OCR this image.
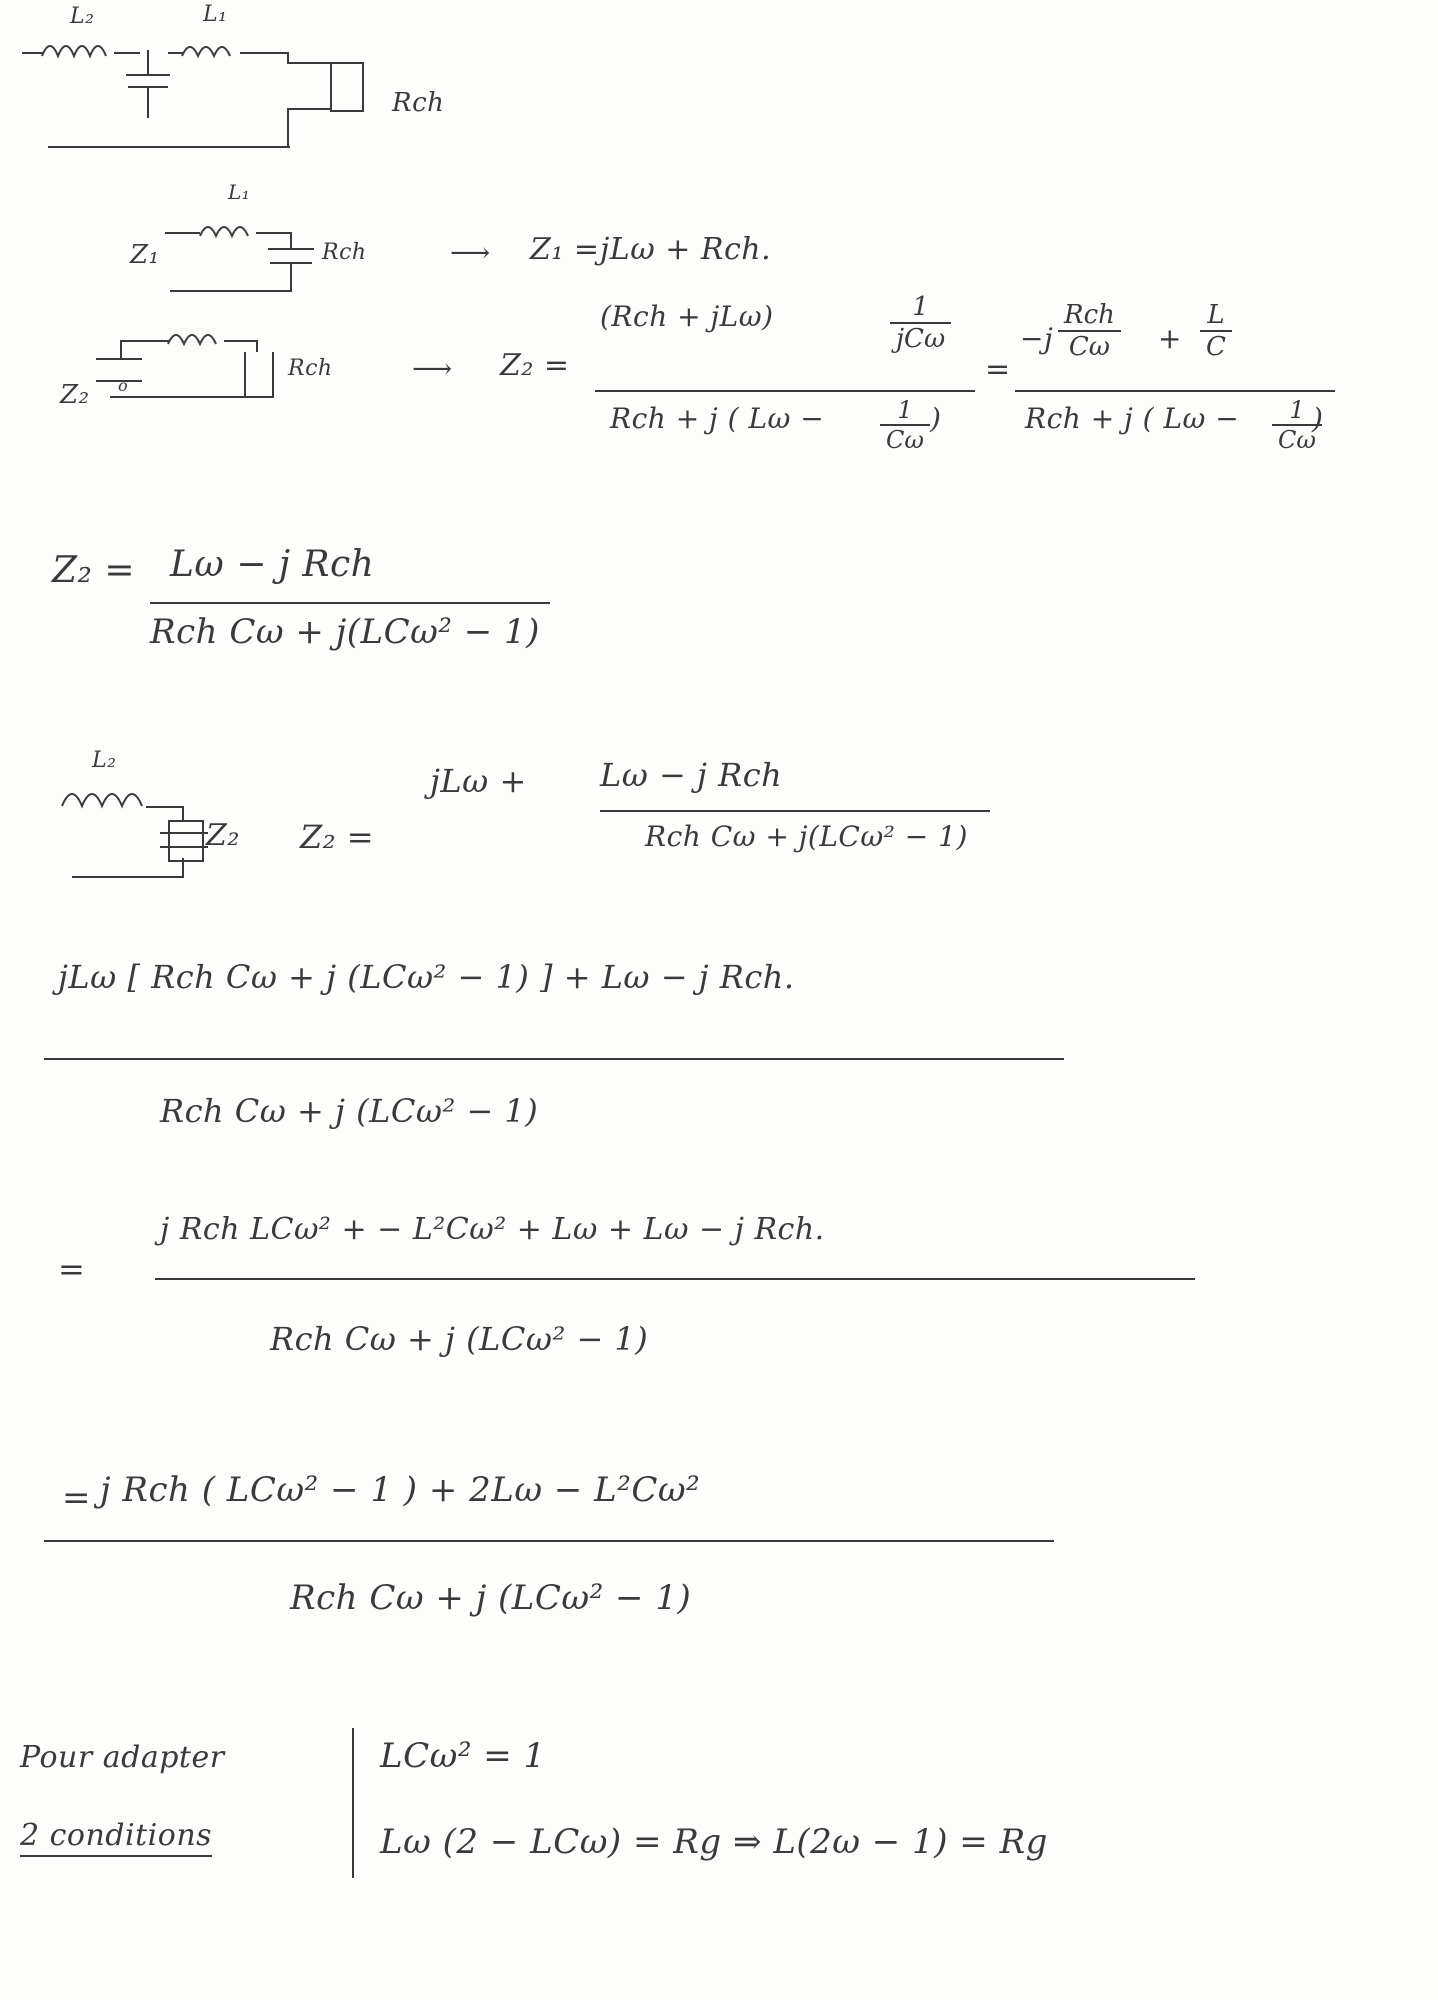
L₂	L₁
Rch
L₁
Z₁	Rch	⟶ Z₁ = jLω + Rch.
Z₂ o
Rch	⟶ Z₂ =
(Rch + jLω)	1
jCω
Rch + j ( $L\omega - \frac{1}{C\omega}$ )
=
−j
Rch
Cω	+ $\frac{L}{C}$
Rch + j ( $L\omega - \frac{1}{C\omega}$
)
Z₂ = Lω − j Rch
Rch Cω + j(LCω² − 1)
L₂
Z₂ Z₂ =
jLω + Lω − j Rch
Rch Cω + j(LCω² − 1)
jLω [ Rch Cω + j (LCω² − 1) ] + Lω − j Rch.
Rch Cω + j (LCω² − 1)
=
j Rch LCω² + − L²Cω² + Lω + Lω − j Rch.
Rch Cω + j (LCω² − 1)
= j Rch ( LCω² − 1 ) + 2Lω − L²Cω²
Rch Cω + j (LCω² − 1)
Pour adapter
2 conditions
LCω² = 1
Lω (2 − LCω) = Rg ⇒ L(2ω − 1) = Rg
